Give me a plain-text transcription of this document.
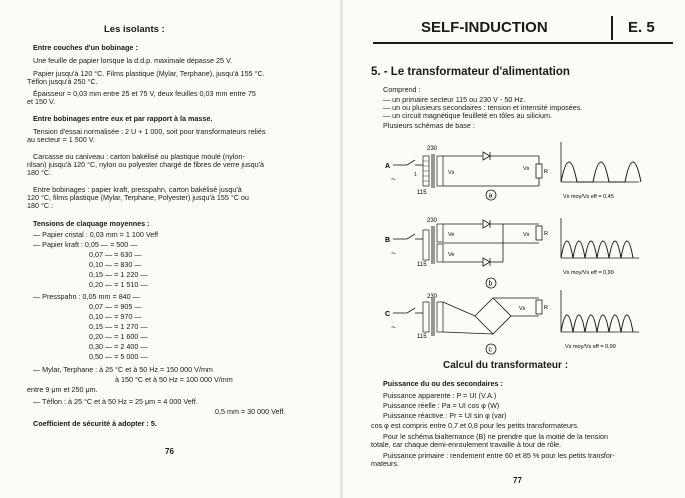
Les isolants :
Entre couches d'un bobinage :
Une feuille de papier lorsque la d.d.p. maximale dépasse 25 V.
Papier jusqu'à 120 °C. Films plastique (Mylar, Terphane), jusqu'à 155 °C.
Téflon jusqu'à 250 °C.
Épaisseur = 0,03 mm entre 25 et 75 V, deux feuilles 0,03 mm entre 75
et 150 V.
Entre bobinages entre eux et par rapport à la masse.
Tension d'essai normalisée : 2 U + 1 000, soit pour transformateurs reliés
au secteur = 1 500 V.
Carcasse ou caniveau : carton bakélisé ou plastique moulé (nylon-
rilsan) jusqu'à 120 °C, nylon ou polyester chargé de fibres de verre jusqu'à
180 °C.
Entre bobinages : papier kraft, presspahn, carton bakélisé jusqu'à
120 °C, films plastique (Mylar, Terphane, Polyester) jusqu'à 155 °C ou
180 °C :
Tensions de claquage moyennes :
— Papier cristal : 0,03 mm = 1 100 Veff
— Papier kraft : 0,05 — = 500 —
0,07 — = 630 —
0,10 — = 830 —
0,15 — = 1 220 —
0,20 — = 1 510 —
— Presspahn : 0,05 mm = 840 —
0,07 — = 905 —
0,10 — = 970 —
0,15 — = 1 270 —
0,20 — = 1 600 —
0,30 — = 2 400 —
0,50 — = 5 000 —
— Mylar, Terphane : à 25 °C et à 50 Hz = 150 000 V/mm
à 150 °C et à 50 Hz = 100 000 V/mm
entre 9 μm et 250 μm.
— Téflon : à 25 °C et à 50 Hz = 25 μm = 4 000 Veff.
0,5 mm = 30 000 Veff.
Coefficient de sécurité à adopter : 5.
76
SELF-INDUCTION	E. 5
5. - Le transformateur d'alimentation
Comprend :
— un primaire secteur 115 ou 230 V - 50 Hz.
— un ou plusieurs secondaires : tension et intensité imposées.
— un circuit magnétique feuilleté en tôles au silicium.
Plusieurs schémas de base :
A
~	1
230
115
Vs	R
Vs
a	Vs moy/Vs eff = 0,45
B
~
230
115
Ve
Ve
R
Vs
b
Vs moy/Vs eff = 0,90
C
~
230
115
R
Vs
c	Vs moy/Vs eff = 0,90
Calcul du transformateur :
Puissance du ou des secondaires :
Puissance apparente : P = UI (V.A.)
Puissance réelle : Pa = UI cos φ (W)
Puissance réactive : Pr = UI sin φ (var)
cos φ est compris entre 0,7 et 0,8 pour les petits transformateurs.
Pour le schéma bialternance (B) ne prendre que la moitié de la tension
totale, car chaque demi-enroulement travaille à tour de rôle.
Puissance primaire : rendement entre 60 et 85 % pour les petits transfor-
mateurs.
77
